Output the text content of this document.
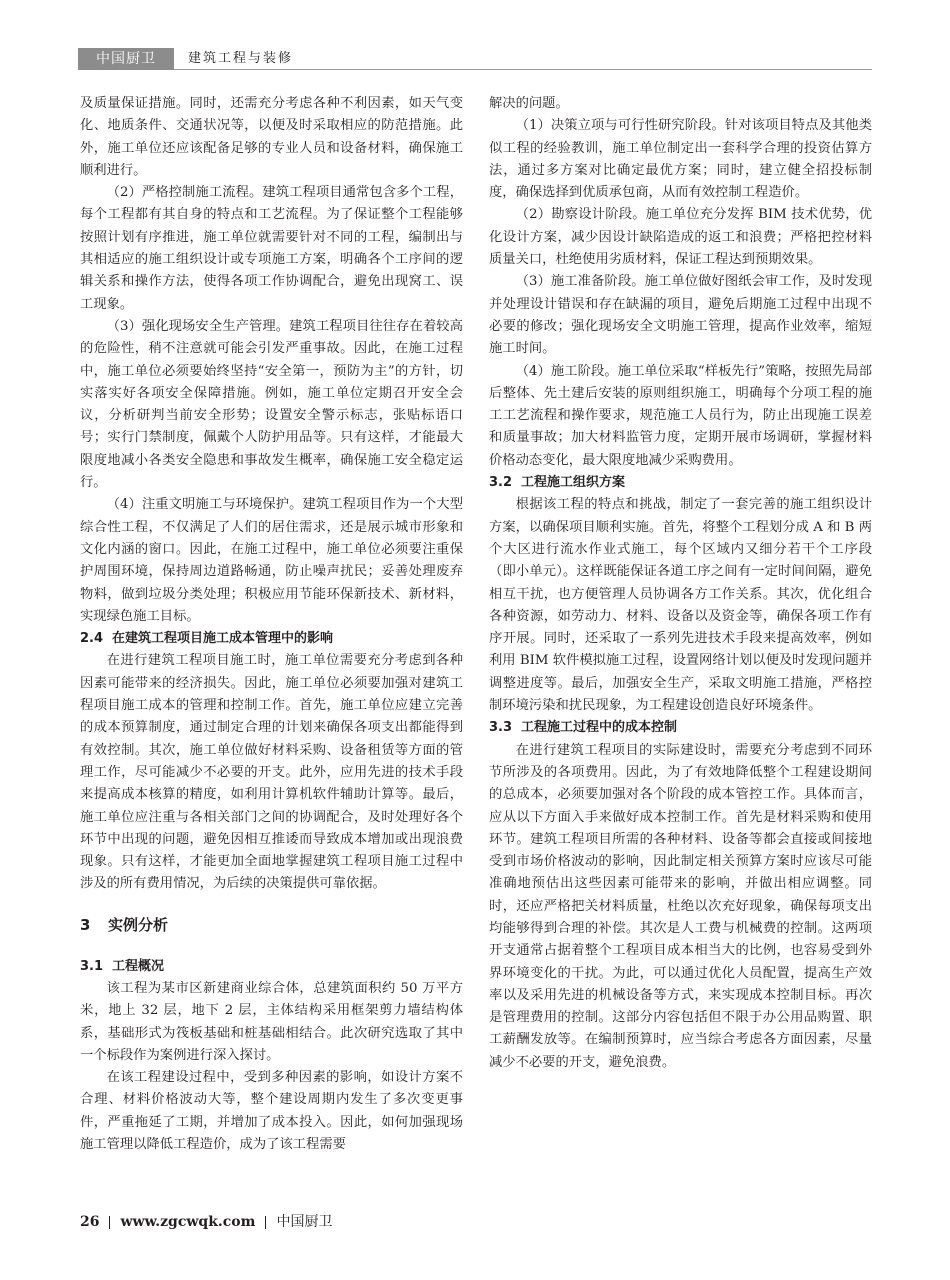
中国厨卫	建筑工程与装修

及质量保证措施。同时，还需充分考虑各种不利因素，如天气变化、地质条件、交通状况等，以便及时采取相应的防范措施。此外，施工单位还应该配备足够的专业人员和设备材料，确保施工顺利进行。

（2）严格控制施工流程。建筑工程项目通常包含多个工程，每个工程都有其自身的特点和工艺流程。为了保证整个工程能够按照计划有序推进，施工单位就需要针对不同的工程，编制出与其相适应的施工组织设计或专项施工方案，明确各个工序间的逻辑关系和操作方法，使得各项工作协调配合，避免出现窝工、误工现象。

（3）强化现场安全生产管理。建筑工程项目往往存在着较高的危险性，稍不注意就可能会引发严重事故。因此，在施工过程中，施工单位必须要始终坚持“安全第一，预防为主”的方针，切实落实好各项安全保障措施。例如，施工单位定期召开安全会议，分析研判当前安全形势；设置安全警示标志，张贴标语口号；实行门禁制度，佩戴个人防护用品等。只有这样，才能最大限度地减小各类安全隐患和事故发生概率，确保施工安全稳定运行。

（4）注重文明施工与环境保护。建筑工程项目作为一个大型综合性工程，不仅满足了人们的居住需求，还是展示城市形象和文化内涵的窗口。因此，在施工过程中，施工单位必须要注重保护周围环境，保持周边道路畅通，防止噪声扰民；妥善处理废弃物料，做到垃圾分类处理；积极应用节能环保新技术、新材料，实现绿色施工目标。

2.4 在建筑工程项目施工成本管理中的影响

在进行建筑工程项目施工时，施工单位需要充分考虑到各种因素可能带来的经济损失。因此，施工单位必须要加强对建筑工程项目施工成本的管理和控制工作。首先，施工单位应建立完善的成本预算制度，通过制定合理的计划来确保各项支出都能得到有效控制。其次，施工单位做好材料采购、设备租赁等方面的管理工作，尽可能减少不必要的开支。此外，应用先进的技术手段来提高成本核算的精度，如利用计算机软件辅助计算等。最后，施工单位应注重与各相关部门之间的协调配合，及时处理好各个环节中出现的问题，避免因相互推诿而导致成本增加或出现浪费现象。只有这样，才能更加全面地掌握建筑工程项目施工过程中涉及的所有费用情况，为后续的决策提供可靠依据。

3 实例分析
3.1 工程概况

该工程为某市区新建商业综合体，总建筑面积约 50 万平方米，地上 32 层，地下 2 层，主体结构采用框架剪力墙结构体系，基础形式为筏板基础和桩基础相结合。此次研究选取了其中一个标段作为案例进行深入探讨。

在该工程建设过程中，受到多种因素的影响，如设计方案不合理、材料价格波动大等，整个建设周期内发生了多次变更事件，严重拖延了工期，并增加了成本投入。因此，如何加强现场施工管理以降低工程造价，成为了该工程需要

解决的问题。

（1）决策立项与可行性研究阶段。针对该项目特点及其他类似工程的经验教训，施工单位制定出一套科学合理的投资估算方法，通过多方案对比确定最优方案；同时，建立健全招投标制度，确保选择到优质承包商，从而有效控制工程造价。

（2）勘察设计阶段。施工单位充分发挥 BIM 技术优势，优化设计方案，减少因设计缺陷造成的返工和浪费；严格把控材料质量关口，杜绝使用劣质材料，保证工程达到预期效果。

（3）施工准备阶段。施工单位做好图纸会审工作，及时发现并处理设计错误和存在缺漏的项目，避免后期施工过程中出现不必要的修改；强化现场安全文明施工管理，提高作业效率，缩短施工时间。

（4）施工阶段。施工单位采取“样板先行”策略，按照先局部后整体、先土建后安装的原则组织施工，明确每个分项工程的施工工艺流程和操作要求，规范施工人员行为，防止出现施工误差和质量事故；加大材料监管力度，定期开展市场调研，掌握材料价格动态变化，最大限度地减少采购费用。

3.2 工程施工组织方案

根据该工程的特点和挑战，制定了一套完善的施工组织设计方案，以确保项目顺利实施。首先，将整个工程划分成 A 和 B 两个大区进行流水作业式施工，每个区域内又细分若干个工序段（即小单元）。这样既能保证各道工序之间有一定时间间隔，避免相互干扰，也方便管理人员协调各方工作关系。其次，优化组合各种资源，如劳动力、材料、设备以及资金等，确保各项工作有序开展。同时，还采取了一系列先进技术手段来提高效率，例如利用 BIM 软件模拟施工过程，设置网络计划以便及时发现问题并调整进度等。最后，加强安全生产，采取文明施工措施，严格控制环境污染和扰民现象，为工程建设创造良好环境条件。

3.3 工程施工过程中的成本控制

在进行建筑工程项目的实际建设时，需要充分考虑到不同环节所涉及的各项费用。因此，为了有效地降低整个工程建设期间的总成本，必须要加强对各个阶段的成本管控工作。具体而言，应从以下方面入手来做好成本控制工作。首先是材料采购和使用环节。建筑工程项目所需的各种材料、设备等都会直接或间接地受到市场价格波动的影响，因此制定相关预算方案时应该尽可能准确地预估出这些因素可能带来的影响，并做出相应调整。同时，还应严格把关材料质量，杜绝以次充好现象，确保每项支出均能够得到合理的补偿。其次是人工费与机械费的控制。这两项开支通常占据着整个工程项目成本相当大的比例，也容易受到外界环境变化的干扰。为此，可以通过优化人员配置，提高生产效率以及采用先进的机械设备等方式，来实现成本控制目标。再次是管理费用的控制。这部分内容包括但不限于办公用品购置、职工薪酬发放等。在编制预算时，应当综合考虑各方面因素，尽量减少不必要的开支，避免浪费。

26 www.zgcwqk.com 中国厨卫
